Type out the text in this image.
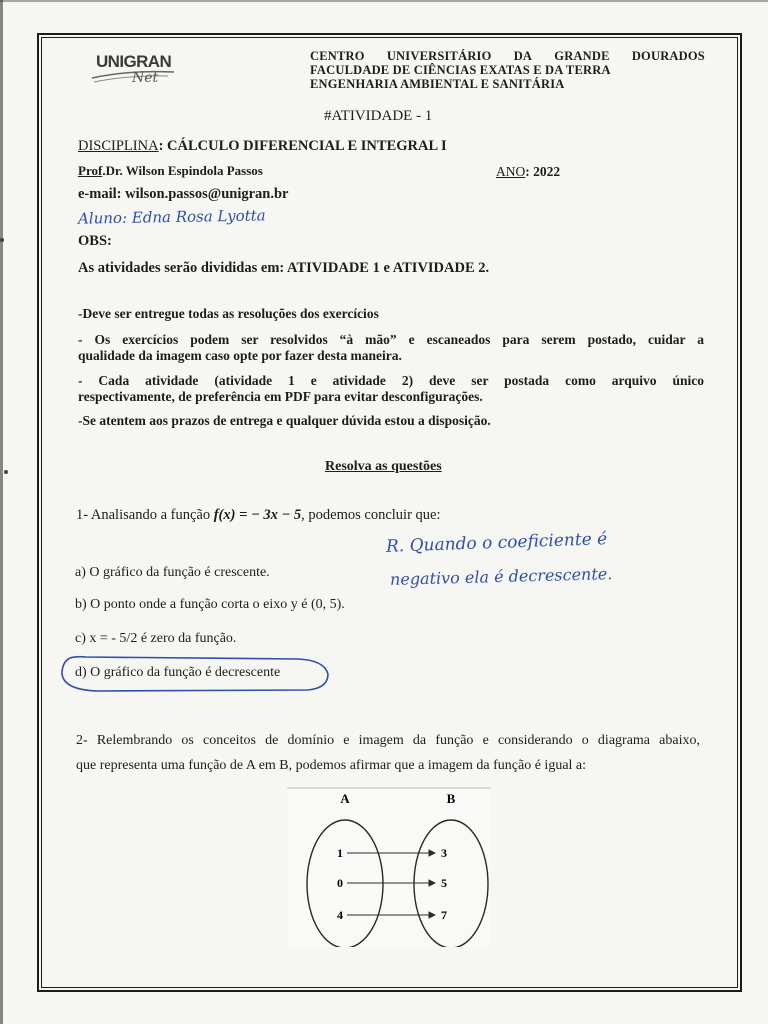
UNIGRAN
Net
CENTRO UNIVERSITÁRIO DA GRANDE DOURADOS
FACULDADE DE CIÊNCIAS EXATAS E DA TERRA
ENGENHARIA AMBIENTAL E SANITÁRIA
#ATIVIDADE - 1
DISCIPLINA: CÁLCULO DIFERENCIAL E INTEGRAL I
Prof.Dr. Wilson Espindola Passos	ANO: 2022
e-mail: wilson.passos@unigran.br
Aluno: Edna Rosa Lyotta
OBS:
As atividades serão divididas em: ATIVIDADE 1 e ATIVIDADE 2.
-Deve ser entregue todas as resoluções dos exercícios
- Os exercícios podem ser resolvidos “à mão” e escaneados para serem postado, cuidar a
qualidade da imagem caso opte por fazer desta maneira.
- Cada atividade (atividade 1 e atividade 2) deve ser postada como arquivo único
respectivamente, de preferência em PDF para evitar desconfigurações.
-Se atentem aos prazos de entrega e qualquer dúvida estou a disposição.
Resolva as questões
1- Analisando a função f(x) = − 3x − 5, podemos concluir que:
R. Quando o coeficiente é
negativo ela é decrescente.
a) O gráfico da função é crescente.
b) O ponto onde a função corta o eixo y é (0, 5).
c) x = - 5/2 é zero da função.
d) O gráfico da função é decrescente
2- Relembrando os conceitos de domínio e imagem da função e considerando o diagrama abaixo,
que representa uma função de A em B, podemos afirmar que a imagem da função é igual a:
A	B
1
0
4
3
5
7
